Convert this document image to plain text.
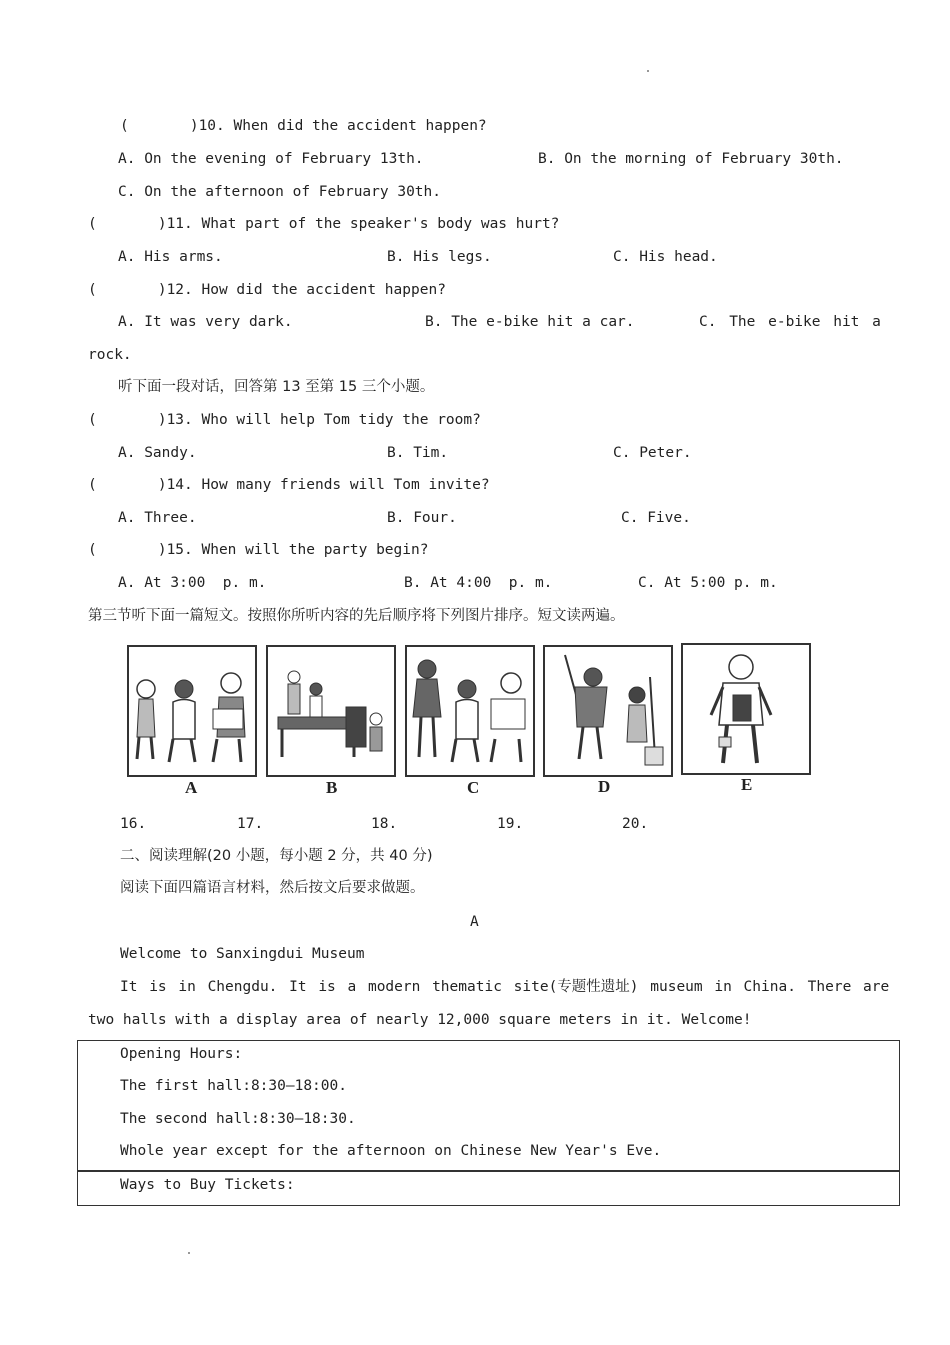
(       )10. When did the accident happen?
A. On the evening of February 13th.	B. On the morning of February 30th.
C. On the afternoon of February 30th.
(       )11. What part of the speaker's body was hurt?
A. His arms.	B. His legs.	C. His head.
(       )12. How did the accident happen?
A. It was very dark.	B. The e-bike hit a car.	C. The e-bike hit a
rock.
听下面一段对话，回答第 13 至第 15 三个小题。
(       )13. Who will help Tom tidy the room?
A. Sandy.	B. Tim.	C. Peter.
(       )14. How many friends will Tom invite?
A. Three.	B. Four.	C. Five.
(       )15. When will the party begin?
A. At 3:00  p. m.	B. At 4:00  p. m.	C. At 5:00 p. m.
第三节听下面一篇短文。按照你所听内容的先后顺序将下列图片排序。短文读两遍。
A	B	C	D	E
16.	17.	18.	19.	20.
二、阅读理解(20 小题，每小题 2 分，共 40 分)
阅读下面四篇语言材料，然后按文后要求做题。
A
Welcome to Sanxingdui Museum
It is in Chengdu. It is a modern thematic site(专题性遗址) museum in China. There are
two halls with a display area of nearly 12,000 square meters in it. Welcome!
Opening Hours:
The first hall:8:30—18:00.
The second hall:8:30—18:30.
Whole year except for the afternoon on Chinese New Year's Eve.
Ways to Buy Tickets:
